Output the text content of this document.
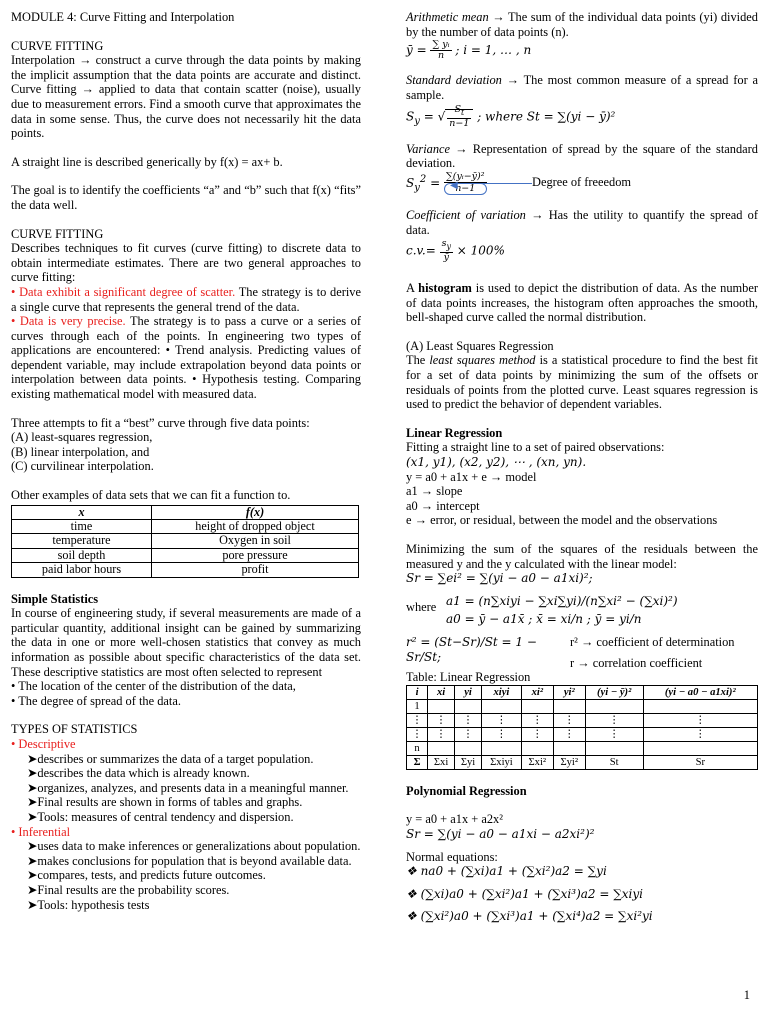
MODULE 4: Curve Fitting and Interpolation

CURVE FITTING

Interpolation → construct a curve through the data points by making the implicit assumption that the data points are accurate and distinct. Curve fitting → applied to data that contain scatter (noise), usually due to measurement errors. Find a smooth curve that approximates the data in some sense. Thus, the curve does not necessarily hit the data points.

A straight line is described generically by f(x) = ax+ b.

The goal is to identify the coefficients “a” and “b” such that f(x) “fits” the data well.

CURVE FITTING

Describes techniques to fit curves (curve fitting) to discrete data to obtain intermediate estimates. There are two general approaches to curve fitting:

• Data exhibit a significant degree of scatter. The strategy is to derive a single curve that represents the general trend of the data.

• Data is very precise. The strategy is to pass a curve or a series of curves through each of the points. In engineering two types of applications are encountered: • Trend analysis. Predicting values of dependent variable, may include extrapolation beyond data points or interpolation between data points. • Hypothesis testing. Comparing existing mathematical model with measured data.

Three attempts to fit a “best” curve through five data points:

(A) least-squares regression,

(B) linear interpolation, and

(C) curvilinear interpolation.

Other examples of data sets that we can fit a function to.

x	f(x)
time	height of dropped object
temperature	Oxygen in soil
soil depth	pore pressure
paid labor hours	profit

Simple Statistics

In course of engineering study, if several measurements are made of a particular quantity, additional insight can be gained by summarizing the data in one or more well-chosen statistics that convey as much information as possible about specific characteristics of the data set. These descriptive statistics are most often selected to represent

• The location of the center of the distribution of the data,

• The degree of spread of the data.

TYPES OF STATISTICS

• Descriptive

➤describes or summarizes the data of a target population.

➤describes the data which is already known.

➤organizes, analyzes, and presents data in a meaningful manner.

➤Final results are shown in forms of tables and graphs.

➤Tools: measures of central tendency and dispersion.

• Inferential

➤uses data to make inferences or generalizations about population.

➤makes conclusions for population that is beyond available data.

➤compares, tests, and predicts future outcomes.

➤Final results are the probability scores.

➤Tools: hypothesis tests

Arithmetic mean → The sum of the individual data points (yi) divided by the number of data points (n).

ȳ = $\frac{\text{∑ yᵢ}}{n}$ ; i = 1, … , n

Standard deviation → The most common measure of a spread for a sample.

$S_y$ = √ $\frac{S_t}{n-1}$ ; where St = ∑(yi − ȳ)²

Variance → Representation of spread by the square of the standard deviation.

$S_y^2 = \frac{\text{∑(yᵢ−ȳ)²}}{n-1}$
◀	Degree of freeedom

Coefficient of variation → Has the utility to quantify the spread of data.

$c.v.= \frac{s_y}{ȳ} \times 100\%$

A histogram is used to depict the distribution of data. As the number of data points increases, the histogram often approaches the smooth, bell-shaped curve called the normal distribution.

(A) Least Squares Regression

The least squares method is a statistical procedure to find the best fit for a set of data points by minimizing the sum of the offsets or residuals of points from the plotted curve. Least squares regression is used to predict the behavior of dependent variables.

Linear Regression

Fitting a straight line to a set of paired observations:

(x1, y1), (x2, y2), ⋯ , (xn, yn).

y = a0 + a1x + e → model

a1 → slope

a0 → intercept

e → error, or residual, between the model and the observations

Minimizing the sum of the squares of the residuals between the measured y and the y calculated with the linear model:

Sr = ∑ei² = ∑(yi − a0 − a1xi)²;

where a1 = (n∑xiyi − ∑xi∑yi)/(n∑xi² − (∑xi)²)

a0 = ȳ − a1x̄ ; x̄ = xi/n ; ȳ = yi/n

r² = (St−Sr)/St = 1 − Sr/St;

r² → coefficient of determination

r → correlation coefficient

Table: Linear Regression

i	xi	yi	xiyi	xi²	yi²	(yi − ȳ)²	(yi − a0 − a1xi)²
1							
⋮	⋮	⋮	⋮	⋮	⋮	⋮	⋮
⋮	⋮	⋮	⋮	⋮	⋮	⋮	⋮
n							
Σ	Σxi	Σyi	Σxiyi	Σxi²	Σyi²	St	Sr

Polynomial Regression

y = a0 + a1x + a2x²

Sr = ∑(yi − a0 − a1xi − a2xi²)²

Normal equations:

❖ na0 + (∑xi)a1 + (∑xi²)a2 = ∑yi

❖ (∑xi)a0 + (∑xi²)a1 + (∑xi³)a2 = ∑xiyi

❖ (∑xi²)a0 + (∑xi³)a1 + (∑xi⁴)a2 = ∑xi²yi

1
